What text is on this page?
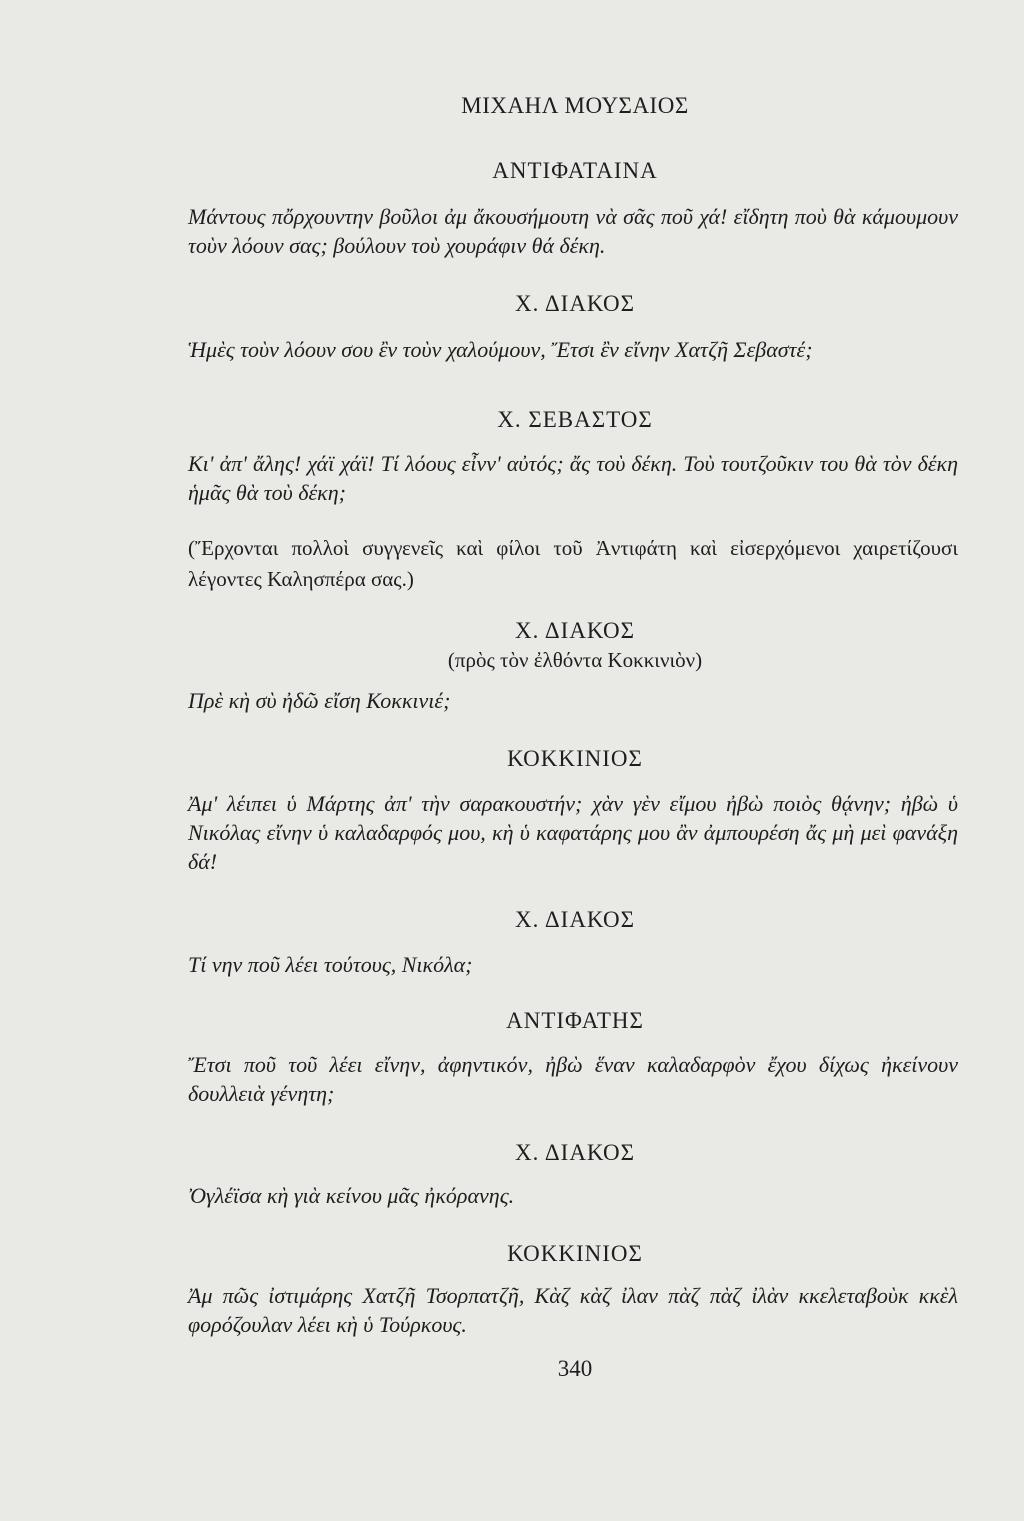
ΜΙΧΑΗΛ ΜΟΥΣΑΙΟΣ
ΑΝΤΙΦΑΤΑΙΝΑ
Μάντους πὄρχουντην βοῦλοι ἀμ ἄκουσήμουτη νὰ σᾶς ποῦ χά! εἴδητη ποὺ θὰ κάμουμουν τοὺν λόουν σας; βούλουν τοὺ χουράφιν θά δέκη.
Χ. ΔΙΑΚΟΣ
Ἡμὲς τοὺν λόουν σου ἒν τοὺν χαλούμουν, Ἔτσι ἒν εἴνην Χατζῆ Σεβαστέ;
Χ. ΣΕΒΑΣΤΟΣ
Κι' ἀπ' ἄλης! χάϊ χάϊ! Τί λόους εἶνν' αὐτός; ἄς τοὺ δέκη. Τοὺ τουτζοῦκιν του θὰ τὸν δέκη ἡμᾶς θὰ τοὺ δέκη;
(Ἔρχονται πολλοὶ συγγενεῖς καὶ φίλοι τοῦ Ἀντιφάτη καὶ εἰσερχόμενοι χαιρετίζουσι λέγοντες Καλησπέρα σας.)
Χ. ΔΙΑΚΟΣ
(πρὸς τὸν ἐλθόντα Κοκκινιὸν)
Πρὲ κὴ σὺ ἠδῶ εἴση Κοκκινιέ;
ΚΟΚΚΙΝΙΟΣ
Ἀμ' λέιπει ὑ Μάρτης ἀπ' τὴν σαρακουστήν; χὰν γὲν εἴμου ἠβὼ ποιὸς θᾴνην; ἠβὼ ὑ Νικόλας εἴνην ὑ καλαδαρφός μου, κὴ ὑ καφατάρης μου ἂν ἀμπουρέση ἄς μὴ μεὶ φανάξη δά!
Χ. ΔΙΑΚΟΣ
Τί νην ποῦ λέει τούτους, Νικόλα;
ΑΝΤΙΦΑΤΗΣ
Ἔτσι ποῦ τοῦ λέει εἴνην, ἀφηντικόν, ἠβὼ ἕναν καλαδαρφὸν ἔχου δίχως ἠκείνουν δουλλειὰ γένητη;
Χ. ΔΙΑΚΟΣ
Ὀγλέϊσα κὴ γιὰ κείνου μᾶς ἠκόρανης.
ΚΟΚΚΙΝΙΟΣ
Ἀμ πῶς ἰστιμάρης Χατζῆ Τσορπατζῆ, Κὰζ κὰζ ἰλαν πὰζ πὰζ ἰλὰν κκελεταβοὺκ κκὲλ φορόζουλαν λέει κὴ ὑ Τούρκους.
340
